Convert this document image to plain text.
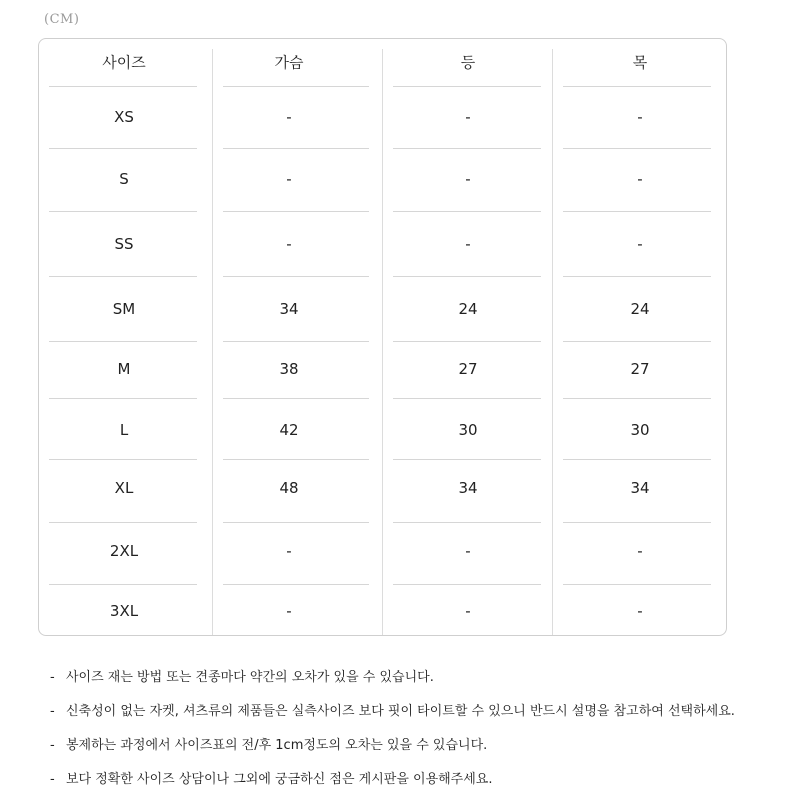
(CM)
사이즈	가슴	등	목
XS	-	-	-
S	-	-	-
SS	-	-	-
SM	34	24	24
M	38	27	27
L	42	30	30
XL	48	34	34
2XL	-	-	-
3XL	-	-	-
- 사이즈 재는 방법 또는 견종마다 약간의 오차가 있을 수 있습니다.
- 신축성이 없는 자켓, 셔츠류의 제품들은 실측사이즈 보다 핏이 타이트할 수 있으니 반드시 설명을 참고하여 선택하세요.
- 봉제하는 과정에서 사이즈표의 전/후 1cm정도의 오차는 있을 수 있습니다.
- 보다 정확한 사이즈 상담이나 그외에 궁금하신 점은 게시판을 이용해주세요.
